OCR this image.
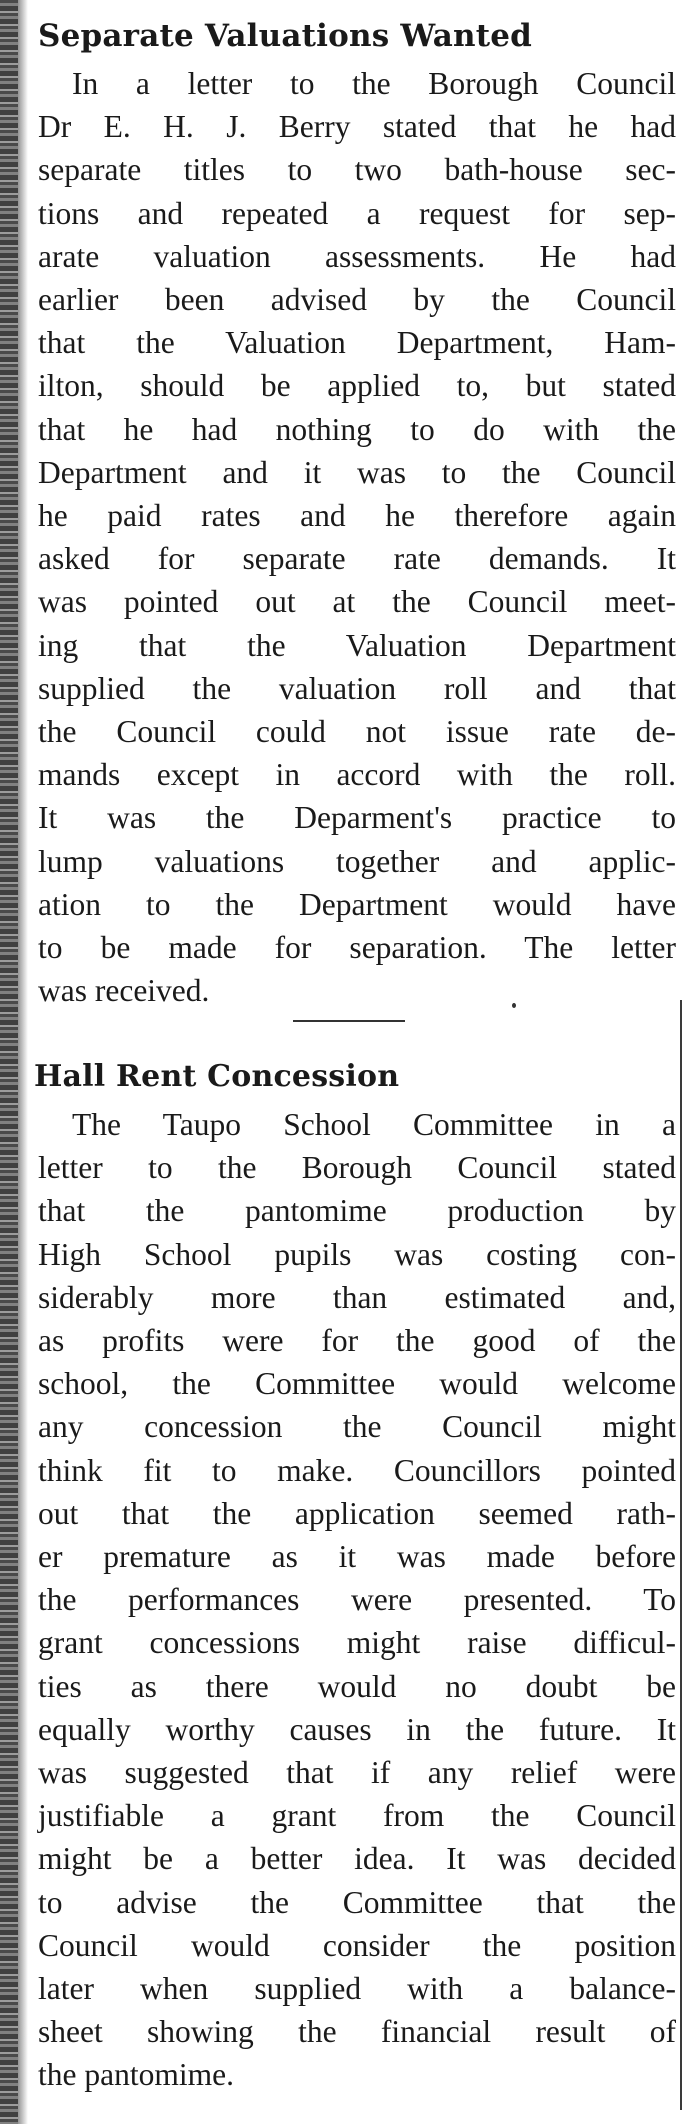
Separate Valuations Wanted
In a letter to the Borough Council
Dr E. H. J. Berry stated that he had
separate titles to two bath-house sec-
tions and repeated a request for sep-
arate valuation assessments. He had
earlier been advised by the Council
that the Valuation Department, Ham-
ilton, should be applied to, but stated
that he had nothing to do with the
Department and it was to the Council
he paid rates and he therefore again
asked for separate rate demands. It
was pointed out at the Council meet-
ing that the Valuation Department
supplied the valuation roll and that
the Council could not issue rate de-
mands except in accord with the roll.
It was the Deparment's practice to
lump valuations together and applic-
ation to the Department would have
to be made for separation. The letter
was received.
Hall Rent Concession
The Taupo School Committee in a
letter to the Borough Council stated
that the pantomime production by
High School pupils was costing con-
siderably more than estimated and,
as profits were for the good of the
school, the Committee would welcome
any concession the Council might
think fit to make. Councillors pointed
out that the application seemed rath-
er premature as it was made before
the performances were presented. To
grant concessions might raise difficul-
ties as there would no doubt be
equally worthy causes in the future. It
was suggested that if any relief were
justifiable a grant from the Council
might be a better idea. It was decided
to advise the Committee that the
Council would consider the position
later when supplied with a balance-
sheet showing the financial result of
the pantomime.
